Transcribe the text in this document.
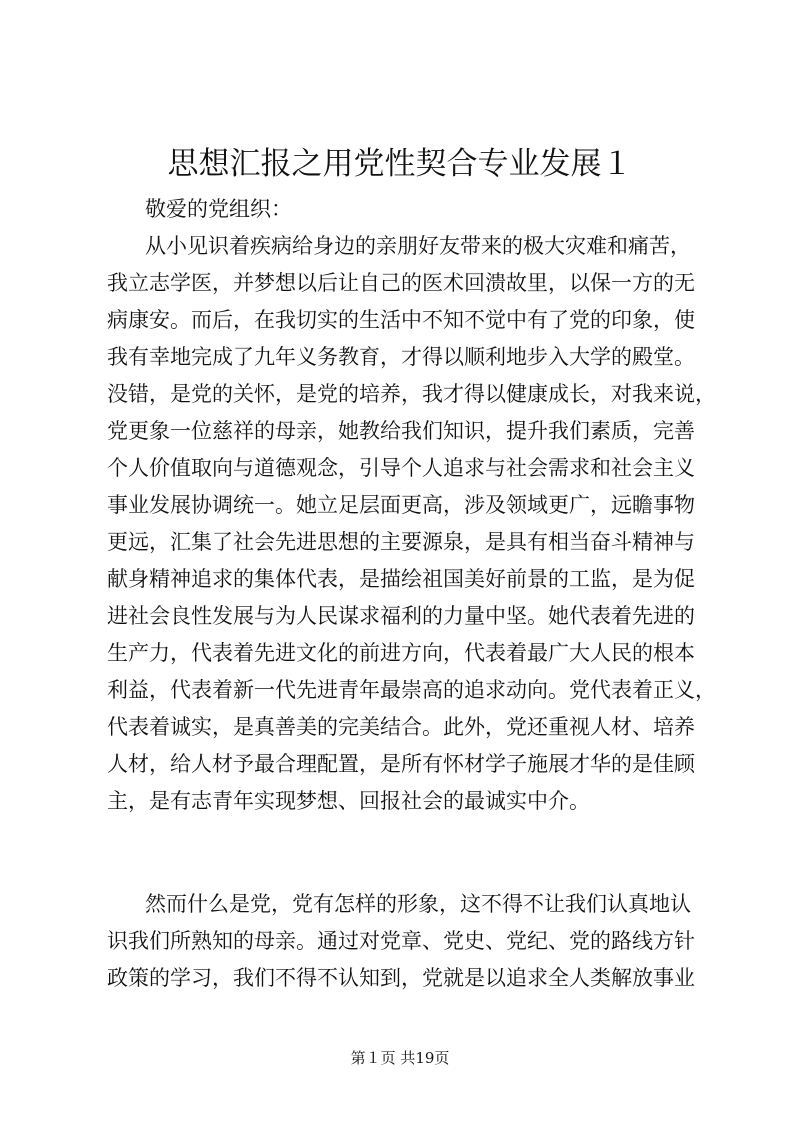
思想汇报之用党性契合专业发展１
敬爱的党组织：
从小见识着疾病给身边的亲朋好友带来的极大灾难和痛苦，
我立志学医，并梦想以后让自己的医术回溃故里，以保一方的无
病康安。而后，在我切实的生活中不知不觉中有了党的印象，使
我有幸地完成了九年义务教育，才得以顺利地步入大学的殿堂。
没错，是党的关怀，是党的培养，我才得以健康成长，对我来说，
党更象一位慈祥的母亲，她教给我们知识，提升我们素质，完善
个人价值取向与道德观念，引导个人追求与社会需求和社会主义
事业发展协调统一。她立足层面更高，涉及领域更广，远瞻事物
更远，汇集了社会先进思想的主要源泉，是具有相当奋斗精神与
献身精神追求的集体代表，是描绘祖国美好前景的工监，是为促
进社会良性发展与为人民谋求福利的力量中坚。她代表着先进的
生产力，代表着先进文化的前进方向，代表着最广大人民的根本
利益，代表着新一代先进青年最崇高的追求动向。党代表着正义，
代表着诚实，是真善美的完美结合。此外，党还重视人材、培养
人材，给人材予最合理配置，是所有怀材学子施展才华的是佳顾
主，是有志青年实现梦想、回报社会的最诚实中介。
然而什么是党，党有怎样的形象，这不得不让我们认真地认
识我们所熟知的母亲。通过对党章、党史、党纪、党的路线方针
政策的学习，我们不得不认知到，党就是以追求全人类解放事业
第１页 共19页
